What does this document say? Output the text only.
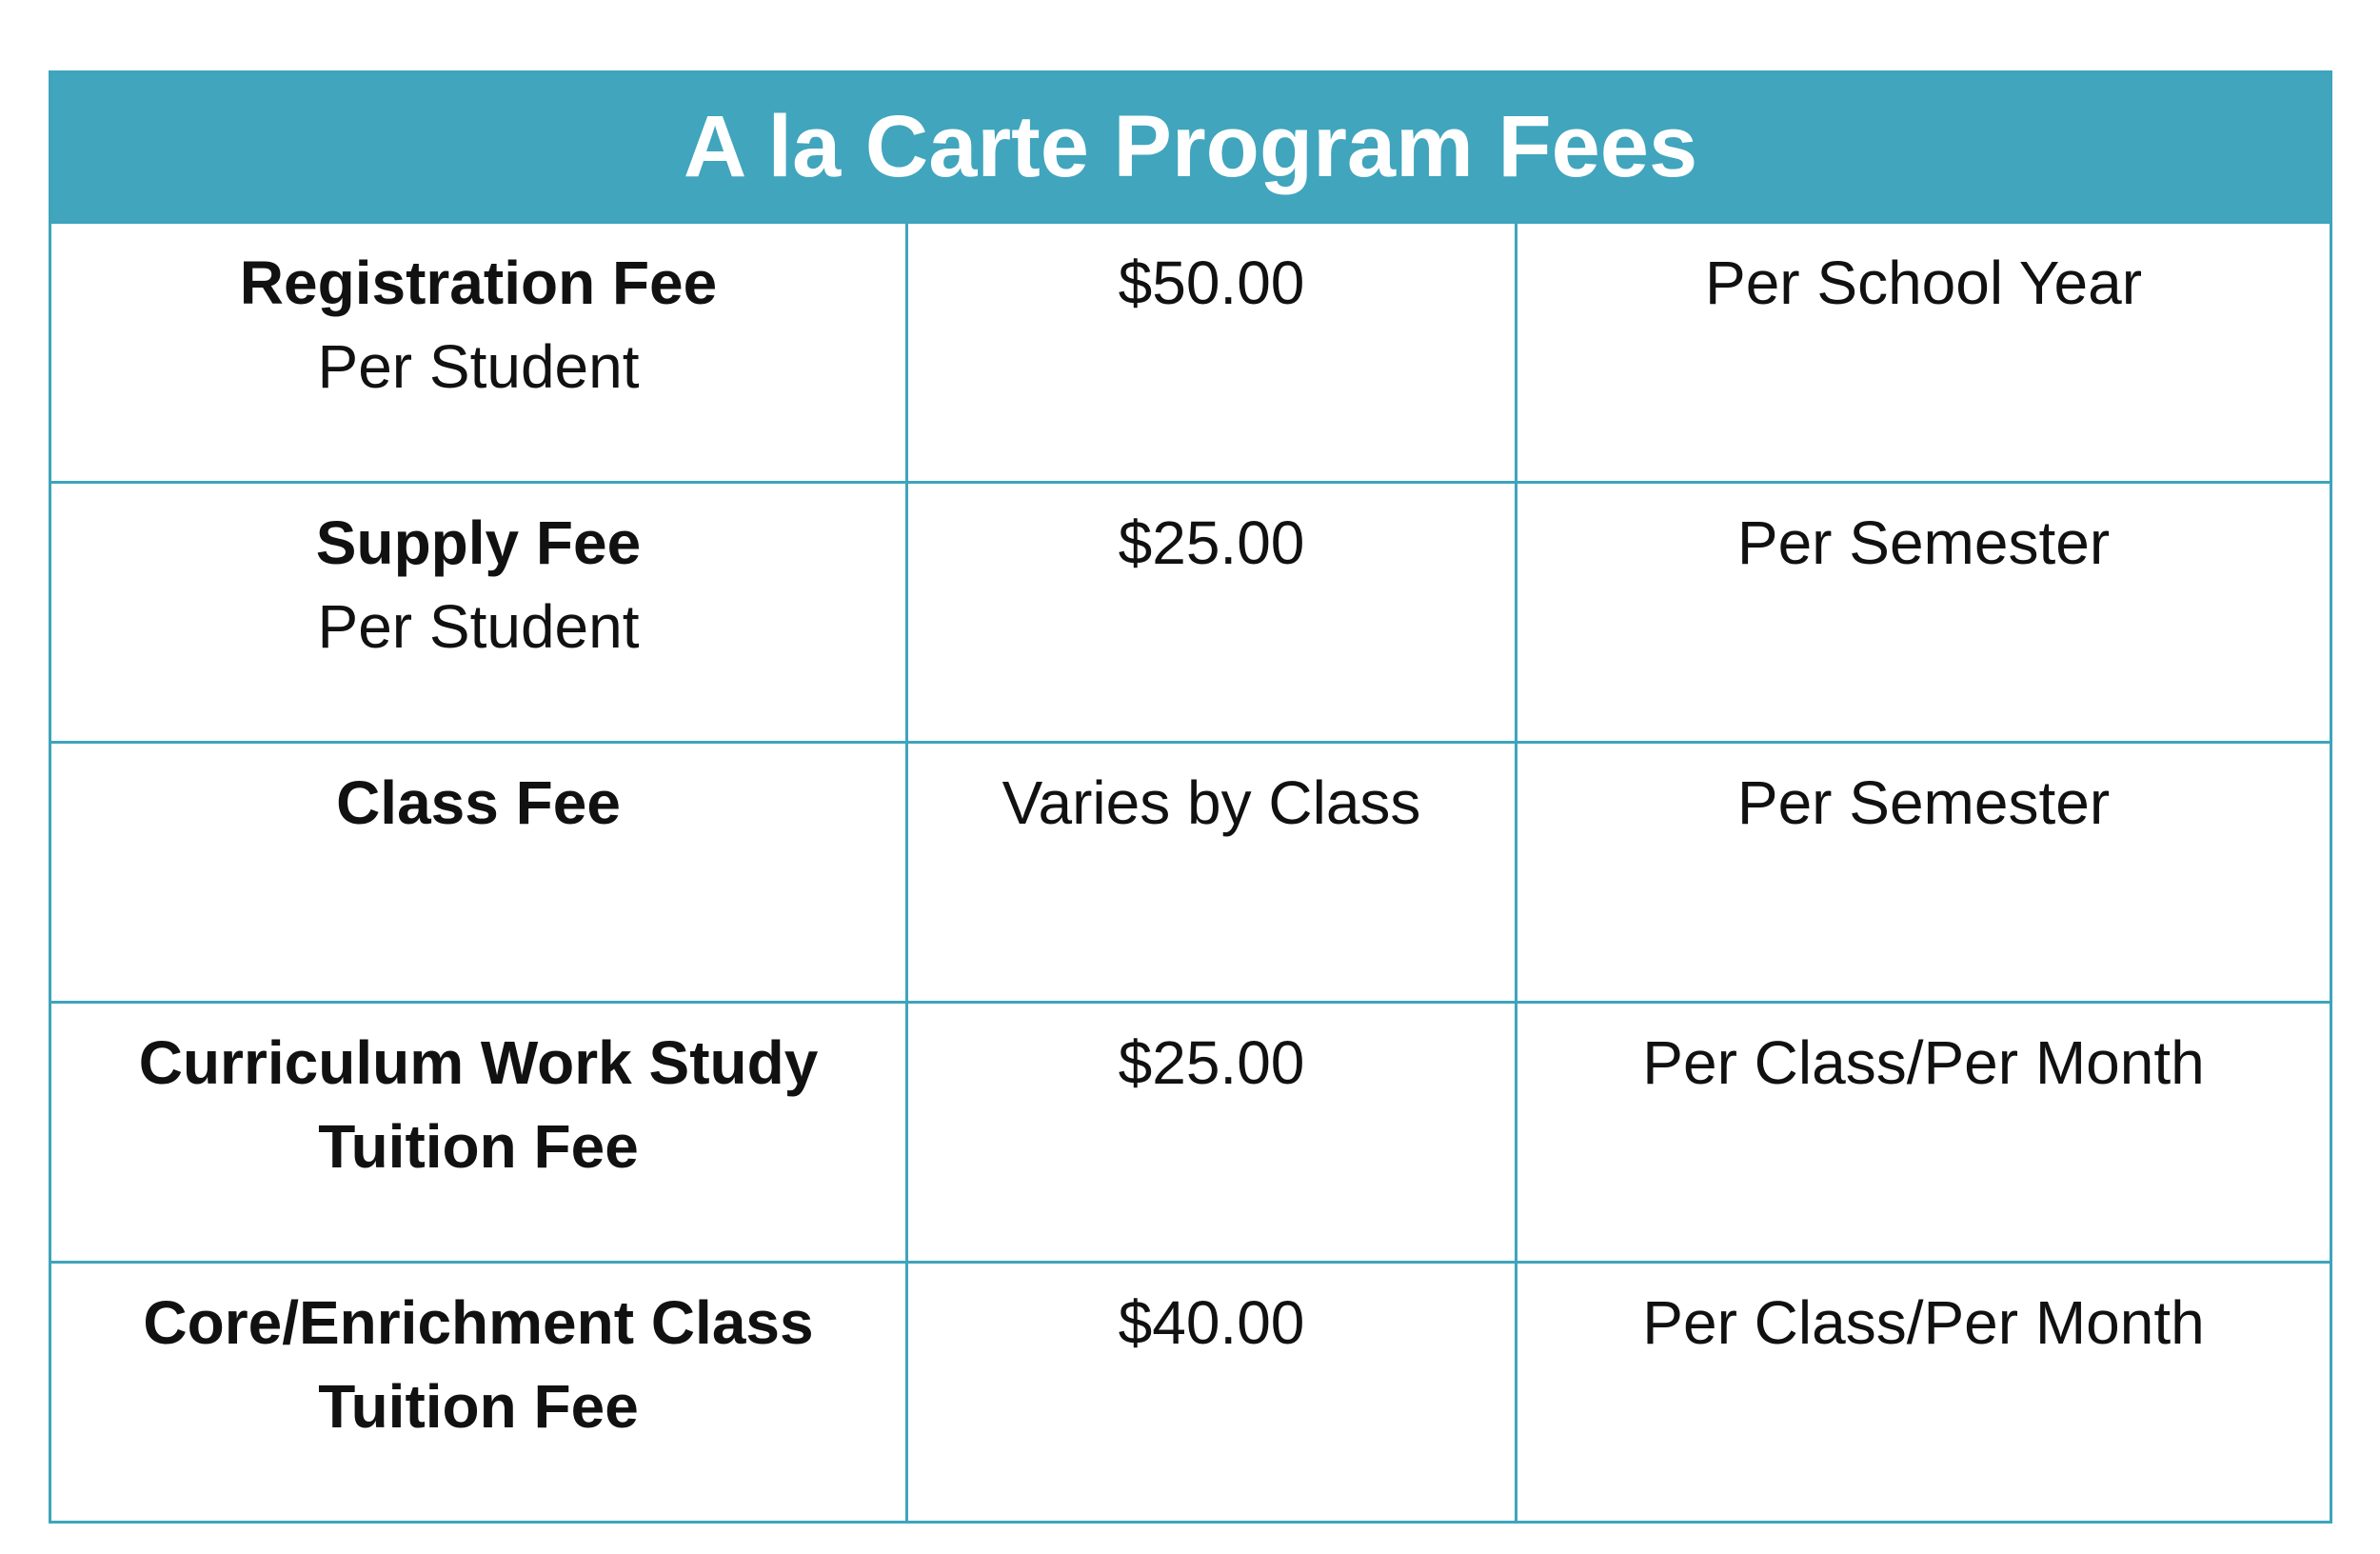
A la Carte Program Fees
Registration Fee
Per Student
$50.00	Per School Year
Supply Fee
Per Student
$25.00	Per Semester
Class Fee	Varies by Class	Per Semester
Curriculum Work Study
Tuition Fee
$25.00	Per Class/Per Month
Core/Enrichment Class
Tuition Fee
$40.00	Per Class/Per Month
